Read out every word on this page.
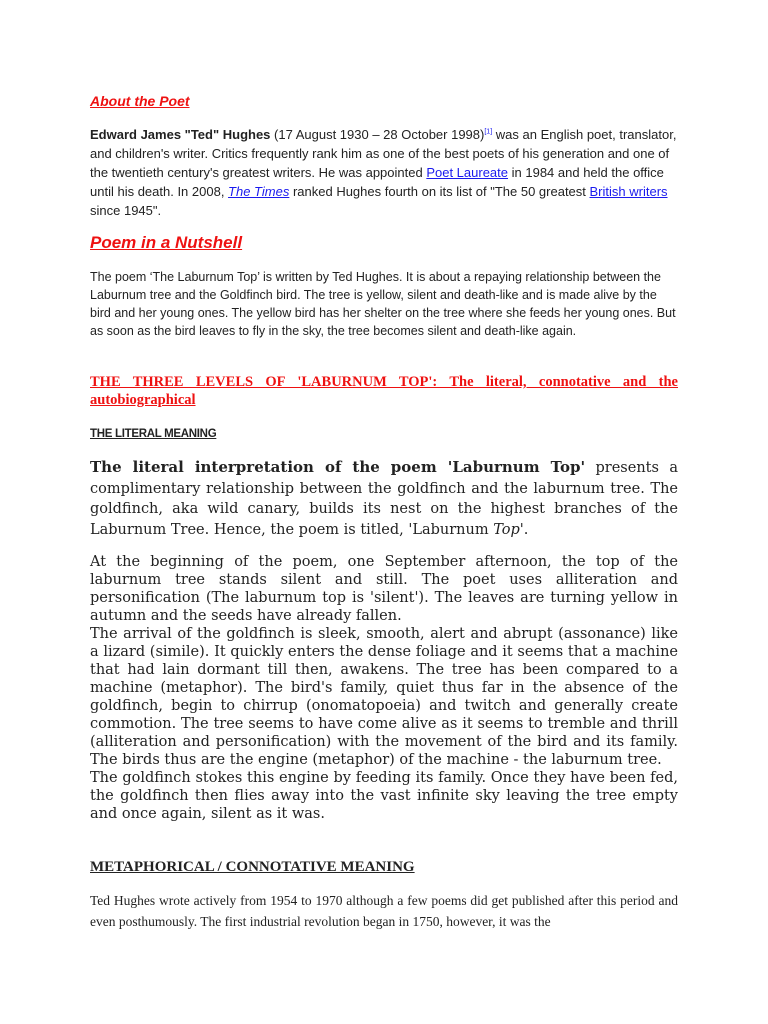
About the Poet

Edward James "Ted" Hughes (17 August 1930 – 28 October 1998)[1] was an English poet, translator, and children's writer. Critics frequently rank him as one of the best poets of his generation and one of the twentieth century's greatest writers. He was appointed Poet Laureate in 1984 and held the office until his death. In 2008, The Times ranked Hughes fourth on its list of "The 50 greatest British writers since 1945".

Poem in a Nutshell

The poem ‘The Laburnum Top’ is written by Ted Hughes. It is about a repaying relationship between the Laburnum tree and the Goldfinch bird. The tree is yellow, silent and death-like and is made alive by the bird and her young ones. The yellow bird has her shelter on the tree where she feeds her young ones. But as soon as the bird leaves to fly in the sky, the tree becomes silent and death-like again.

THE THREE LEVELS OF 'LABURNUM TOP': The literal, connotative and the autobiographical

THE LITERAL MEANING

The literal interpretation of the poem 'Laburnum Top' presents a complimentary relationship between the goldfinch and the laburnum tree. The goldfinch, aka wild canary, builds its nest on the highest branches of the Laburnum Tree. Hence, the poem is titled, 'Laburnum Top'.

At the beginning of the poem, one September afternoon, the top of the laburnum tree stands silent and still. The poet uses alliteration and personification (The laburnum top is 'silent'). The leaves are turning yellow in autumn and the seeds have already fallen.
The arrival of the goldfinch is sleek, smooth, alert and abrupt (assonance) like a lizard (simile). It quickly enters the dense foliage and it seems that a machine that had lain dormant till then, awakens. The tree has been compared to a machine (metaphor). The bird's family, quiet thus far in the absence of the goldfinch, begin to chirrup (onomatopoeia) and twitch and generally create commotion. The tree seems to have come alive as it seems to tremble and thrill (alliteration and personification) with the movement of the bird and its family. The birds thus are the engine (metaphor) of the machine - the laburnum tree.
The goldfinch stokes this engine by feeding its family. Once they have been fed, the goldfinch then flies away into the vast infinite sky leaving the tree empty and once again, silent as it was.

METAPHORICAL / CONNOTATIVE MEANING

Ted Hughes wrote actively from 1954 to 1970 although a few poems did get published after this period and even posthumously. The first industrial revolution began in 1750, however, it was the
